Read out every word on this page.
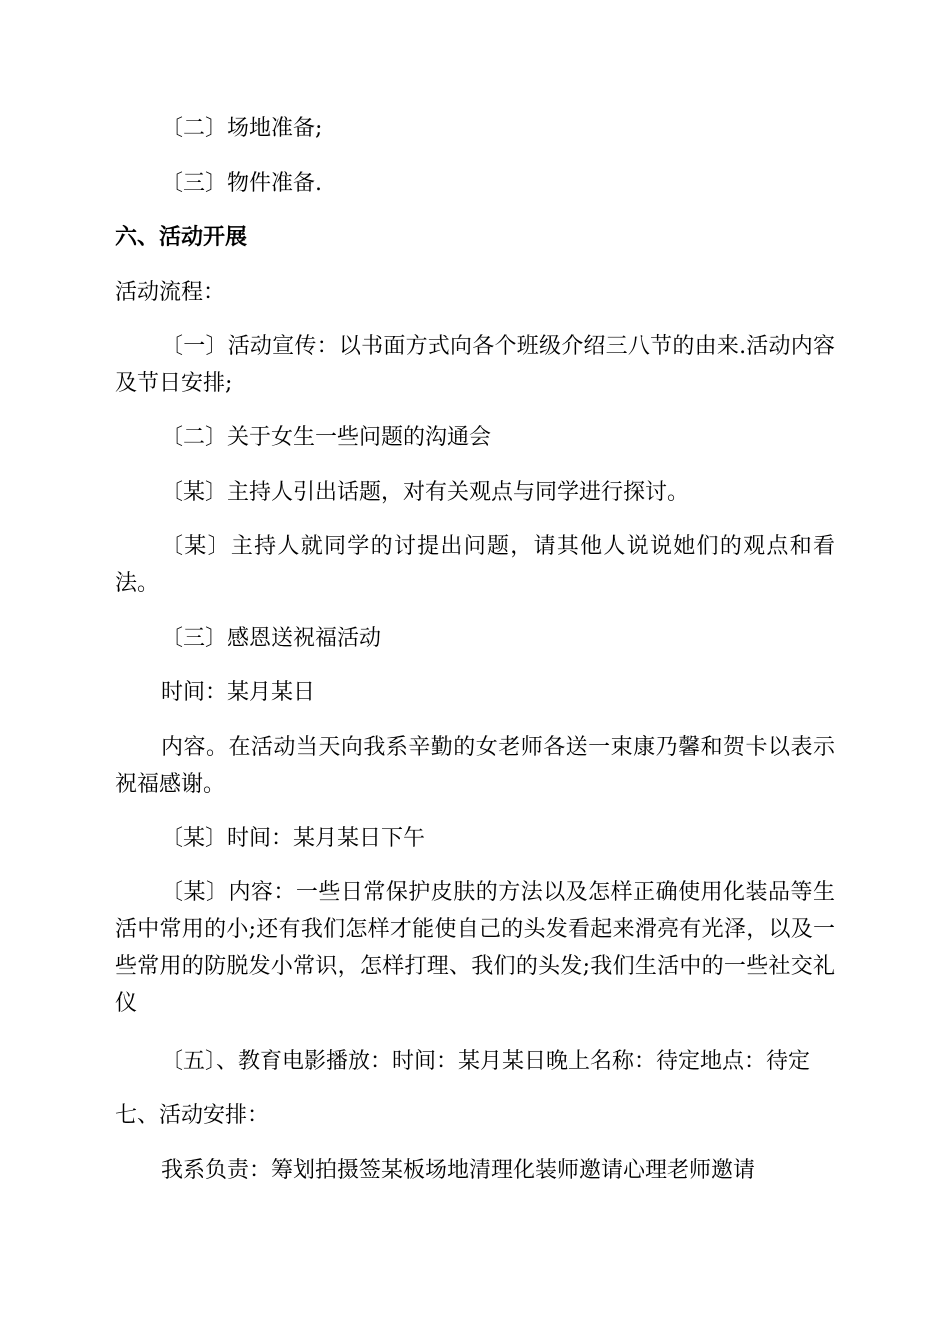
〔二〕场地准备;
〔三〕物件准备.
六、活动开展
活动流程：
〔一〕活动宣传：以书面方式向各个班级介绍三八节的由来.活动内容及节日安排;
〔二〕关于女生一些问题的沟通会
〔某〕主持人引出话题，对有关观点与同学进行探讨。
〔某〕主持人就同学的讨提出问题，请其他人说说她们的观点和看法。
〔三〕感恩送祝福活动
时间：某月某日
内容。在活动当天向我系辛勤的女老师各送一束康乃馨和贺卡以表示祝福感谢。
〔某〕时间：某月某日下午
〔某〕内容：一些日常保护皮肤的方法以及怎样正确使用化装品等生活中常用的小;还有我们怎样才能使自己的头发看起来滑亮有光泽，以及一些常用的防脱发小常识，怎样打理、我们的头发;我们生活中的一些社交礼仪
〔五〕、教育电影播放：时间：某月某日晚上名称：待定地点：待定
七、活动安排：
我系负责：筹划拍摄签某板场地清理化装师邀请心理老师邀请
